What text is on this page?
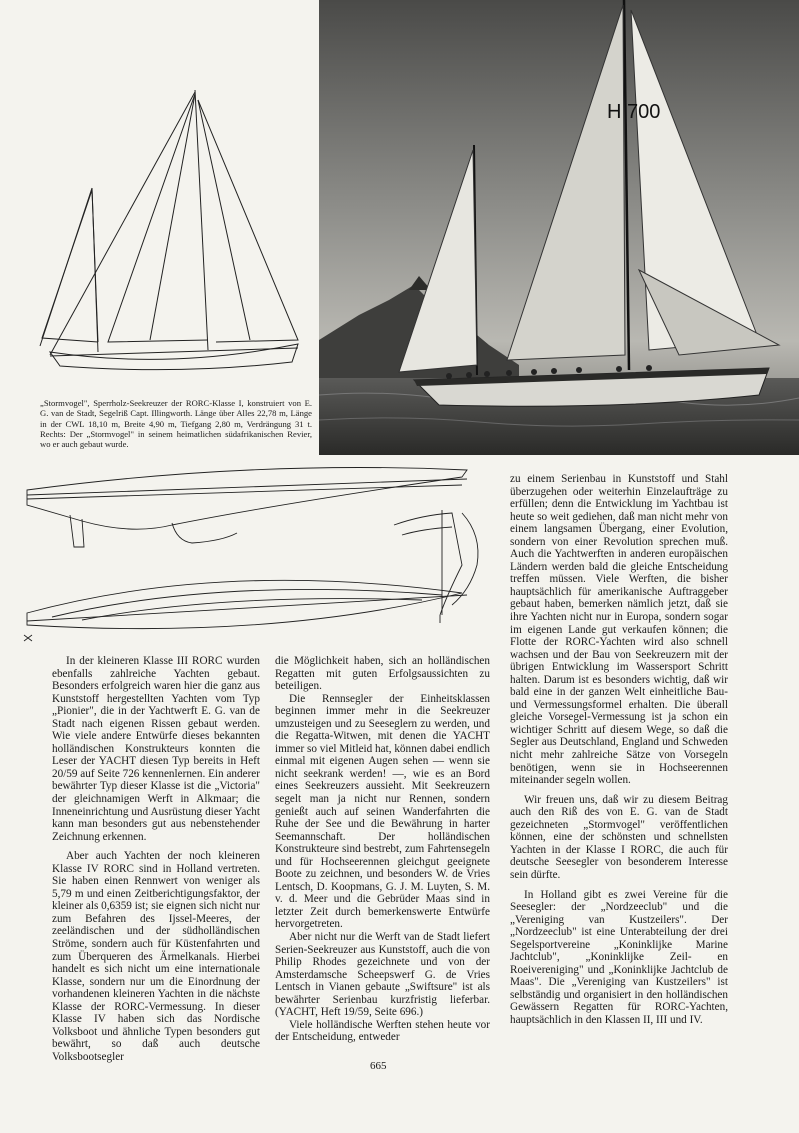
H 700

„Stormvogel", Sperrholz-Seekreuzer der RORC-Klasse I, konstruiert von E. G. van de Stadt, Segelriß Capt. Illingworth. Länge über Alles 22,78 m, Länge in der CWL 18,10 m, Breite 4,90 m, Tiefgang 2,80 m, Verdrängung 31 t. Rechts: Der „Stormvogel" in seinem heimatlichen südafrikanischen Revier, wo er auch gebaut wurde.

In der kleineren Klasse III RORC wurden ebenfalls zahlreiche Yachten gebaut. Besonders erfolgreich waren hier die ganz aus Kunststoff hergestellten Yachten vom Typ „Pionier", die in der Yachtwerft E. G. van de Stadt nach eigenen Rissen gebaut werden. Wie viele andere Entwürfe dieses bekannten holländischen Konstrukteurs konnten die Leser der YACHT diesen Typ bereits in Heft 20/59 auf Seite 726 kennenlernen. Ein anderer bewährter Typ dieser Klasse ist die „Victoria" der gleichnamigen Werft in Alkmaar; die Inneneinrichtung und Ausrüstung dieser Yacht kann man besonders gut aus nebenstehender Zeichnung erkennen.

Aber auch Yachten der noch kleineren Klasse IV RORC sind in Holland vertreten. Sie haben einen Rennwert von weniger als 5,79 m und einen Zeitberichtigungsfaktor, der kleiner als 0,6359 ist; sie eignen sich nicht nur zum Befahren des Ijssel-Meeres, der zeeländischen und der südholländischen Ströme, sondern auch für Küstenfahrten und zum Überqueren des Ärmelkanals. Hierbei handelt es sich nicht um eine internationale Klasse, sondern nur um die Einordnung der vorhandenen kleineren Yachten in die nächste Klasse der RORC-Vermessung. In dieser Klasse IV haben sich das Nordische Volksboot und ähnliche Typen besonders gut bewährt, so daß auch deutsche Volksbootsegler

die Möglichkeit haben, sich an holländischen Regatten mit guten Erfolgsaussichten zu beteiligen.

Die Rennsegler der Einheitsklassen beginnen immer mehr in die Seekreuzer umzusteigen und zu Seeseglern zu werden, und die Regatta-Witwen, mit denen die YACHT immer so viel Mitleid hat, können dabei endlich einmal mit eigenen Augen sehen — wenn sie nicht seekrank werden! —, wie es an Bord eines Seekreuzers aussieht. Mit Seekreuzern segelt man ja nicht nur Rennen, sondern genießt auch auf seinen Wanderfahrten die Ruhe der See und die Bewährung in harter Seemannschaft. Der holländischen Konstrukteure sind bestrebt, zum Fahrtensegeln und für Hochseerennen gleichgut geeignete Boote zu zeichnen, und besonders W. de Vries Lentsch, D. Koopmans, G. J. M. Luyten, S. M. v. d. Meer und die Gebrüder Maas sind in letzter Zeit durch bemerkenswerte Entwürfe hervorgetreten.

Aber nicht nur die Werft van de Stadt liefert Serien-Seekreuzer aus Kunststoff, auch die von Philip Rhodes gezeichnete und von der Amsterdamsche Scheepswerf G. de Vries Lentsch in Vianen gebaute „Swiftsure" ist als bewährter Serienbau kurzfristig lieferbar. (YACHT, Heft 19/59, Seite 696.)

Viele holländische Werften stehen heute vor der Entscheidung, entweder

zu einem Serienbau in Kunststoff und Stahl überzugehen oder weiterhin Einzelaufträge zu erfüllen; denn die Entwicklung im Yachtbau ist heute so weit gediehen, daß man nicht mehr von einem langsamen Übergang, einer Evolution, sondern von einer Revolution sprechen muß. Auch die Yachtwerften in anderen europäischen Ländern werden bald die gleiche Entscheidung treffen müssen. Viele Werften, die bisher hauptsächlich für amerikanische Auftraggeber gebaut haben, bemerken nämlich jetzt, daß sie ihre Yachten nicht nur in Europa, sondern sogar im eigenen Lande gut verkaufen können; die Flotte der RORC-Yachten wird also schnell wachsen und der Bau von Seekreuzern mit der übrigen Entwicklung im Wassersport Schritt halten. Darum ist es besonders wichtig, daß wir bald eine in der ganzen Welt einheitliche Bau- und Vermessungsformel erhalten. Die überall gleiche Vorsegel-Vermessung ist ja schon ein wichtiger Schritt auf diesem Wege, so daß die Segler aus Deutschland, England und Schweden nicht mehr zahlreiche Sätze von Vorsegeln benötigen, wenn sie in Hochseerennen miteinander segeln wollen.

Wir freuen uns, daß wir zu diesem Beitrag auch den Riß des von E. G. van de Stadt gezeichneten „Stormvogel" veröffentlichen können, eine der schönsten und schnellsten Yachten in der Klasse I RORC, die auch für deutsche Seesegler von besonderem Interesse sein dürfte.

In Holland gibt es zwei Vereine für die Seesegler: der „Nordzeeclub" und die „Vereniging van Kustzeilers". Der „Nordzeeclub" ist eine Unterabteilung der drei Segelsportvereine „Koninklijke Marine Jachtclub", „Koninklijke Zeil- en Roeivereniging" und „Koninklijke Jachtclub de Maas". Die „Vereniging van Kustzeilers" ist selbständig und organisiert in den holländischen Gewässern Regatten für RORC-Yachten, hauptsächlich in den Klassen II, III und IV.

665
